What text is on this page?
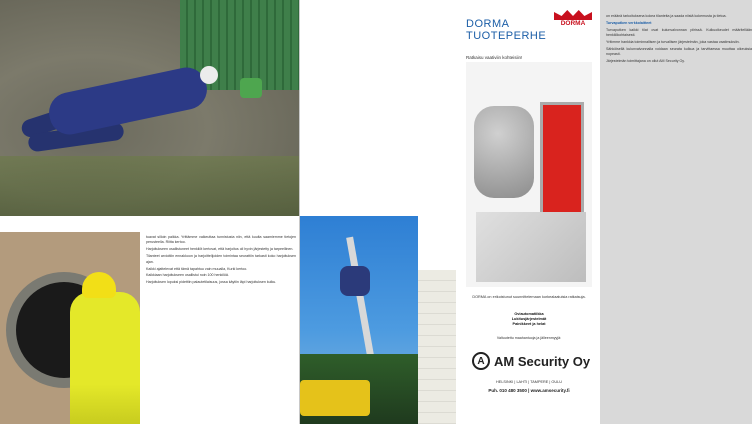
tuavat silloin paikka. Yrittämme vaikeuttaa tunnistusta niin, että kuulta saamiemme tietojen perusteella. Riitta kertoo.

Harjoitukseen osallistuneet henkilöt kertovat, että harjoitus oli hyvin järjestetty ja tarpeellinen.

Tilanteet arvioitiin ennakkoon ja harjoittelijoiden toimintaa seurattiin tarkasti koko harjoituksen ajan.

Kaikki ajattelevat että tämä tapahtuu vain muualla, Kurki kertoo.

Kaikkiaan harjoitukseen osallistui noin 100 henkilöä.

Harjoituksen lopuksi pidettiin palautetilaisuus, jossa käytiin läpi harjoituksen kulku.

on eräänä tarkoituksena kokea tilanteita ja saada niistä kokemusta ja tietoa.

Turvaputken verkkolaitteet

Turvaputken kaikki tilat ovat kulunvalvonnan piirissä. Kulkuoikeudet määritellään henkilökohtaisesti.

Yritimme hankkia toiminnallisen ja turvallisen järjestelmän, joka vastaa vaatimuksiin.

Sähköisellä kulunvalvonnalla voidaan seurata kulkua ja tarvittaessa muuttaa oikeuksia nopeasti.

Järjestelmän toimittajana on ollut AM Security Oy.

DORMA
TUOTEPERHE
DORMA
Ratkaisu vaativiin kohteisiin!
DORMA on erikoistunut suunnittelemaan korkealaatuisia ratkaisuja.
Oviautomatiikka
Lukitusjärjestelmät
Painikkeet ja helat
Valtuutettu maahantuoja ja jälleenmyyjä:
A AM Security Oy
HELSINKI | LAHTI | TAMPERE | OULU
Puh. 010 480 3500 | www.amsecurity.fi
